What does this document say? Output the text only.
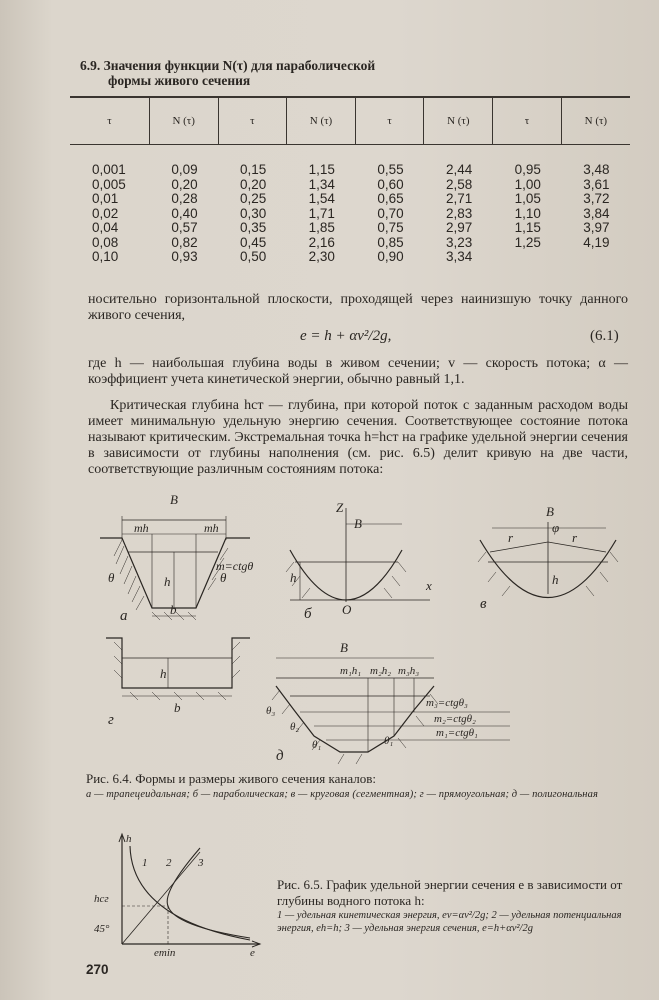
6.9. Значения функции N(τ) для параболической
формы живого сечения
τ	N (τ)	τ	N (τ)	τ	N (τ)	τ	N (τ)
0,001	0,09	0,15	1,15	0,55	2,44	0,95	3,48
0,005	0,20	0,20	1,34	0,60	2,58	1,00	3,61
0,01	0,28	0,25	1,54	0,65	2,71	1,05	3,72
0,02	0,40	0,30	1,71	0,70	2,83	1,10	3,84
0,04	0,57	0,35	1,85	0,75	2,97	1,15	3,97
0,08	0,82	0,45	2,16	0,85	3,23	1,25	4,19
0,10	0,93	0,50	2,30	0,90	3,34		
носительно горизонтальной плоскости, проходящей через наинизшую точку данного живого сечения,
e = h + αv²/2g,	(6.1)
где h — наибольшая глубина воды в живом сечении; v — скорость потока; α — коэффициент учета кинетической энергии, обычно равный 1,1.
Критическая глубина hст — глубина, при которой поток с заданным расходом воды имеет минимальную удельную энергию сечения. Соответствующее состояние потока называют критическим. Экстремальная точка h=hст на графике удельной энергии сечения в зависимости от глубины наполнения (см. рис. 6.5) делит кривую на две части, соответствующие различным состояниям потока:
B
mh	mh
h
b
θ	θ
m=ctgθ
а
Z
B
h
x
O
б
B
φ
r	r
h
в
h
b
г
B
m₁h₁ m₂h₂ m₃h₃
m₃=ctgθ₃
m₂=ctgθ₂
m₁=ctgθ₁
θ₃
θ₂
θ₁	θ₁
д
Рис. 6.4. Формы и размеры живого сечения каналов:
а — трапецеидальная; б — параболическая; в — круговая (сегментная); г — прямоугольная; д — полигональная
h
1 2 3
hсг
45°
emin	e
Рис. 6.5. График удельной энергии сечения e в зависимости от глубины водного потока h:
1 — удельная кинетическая энергия, ev=αv²/2g; 2 — удельная потенциальная энергия, eh=h; 3 — удельная энергия сечения, e=h+αv²/2g
270
